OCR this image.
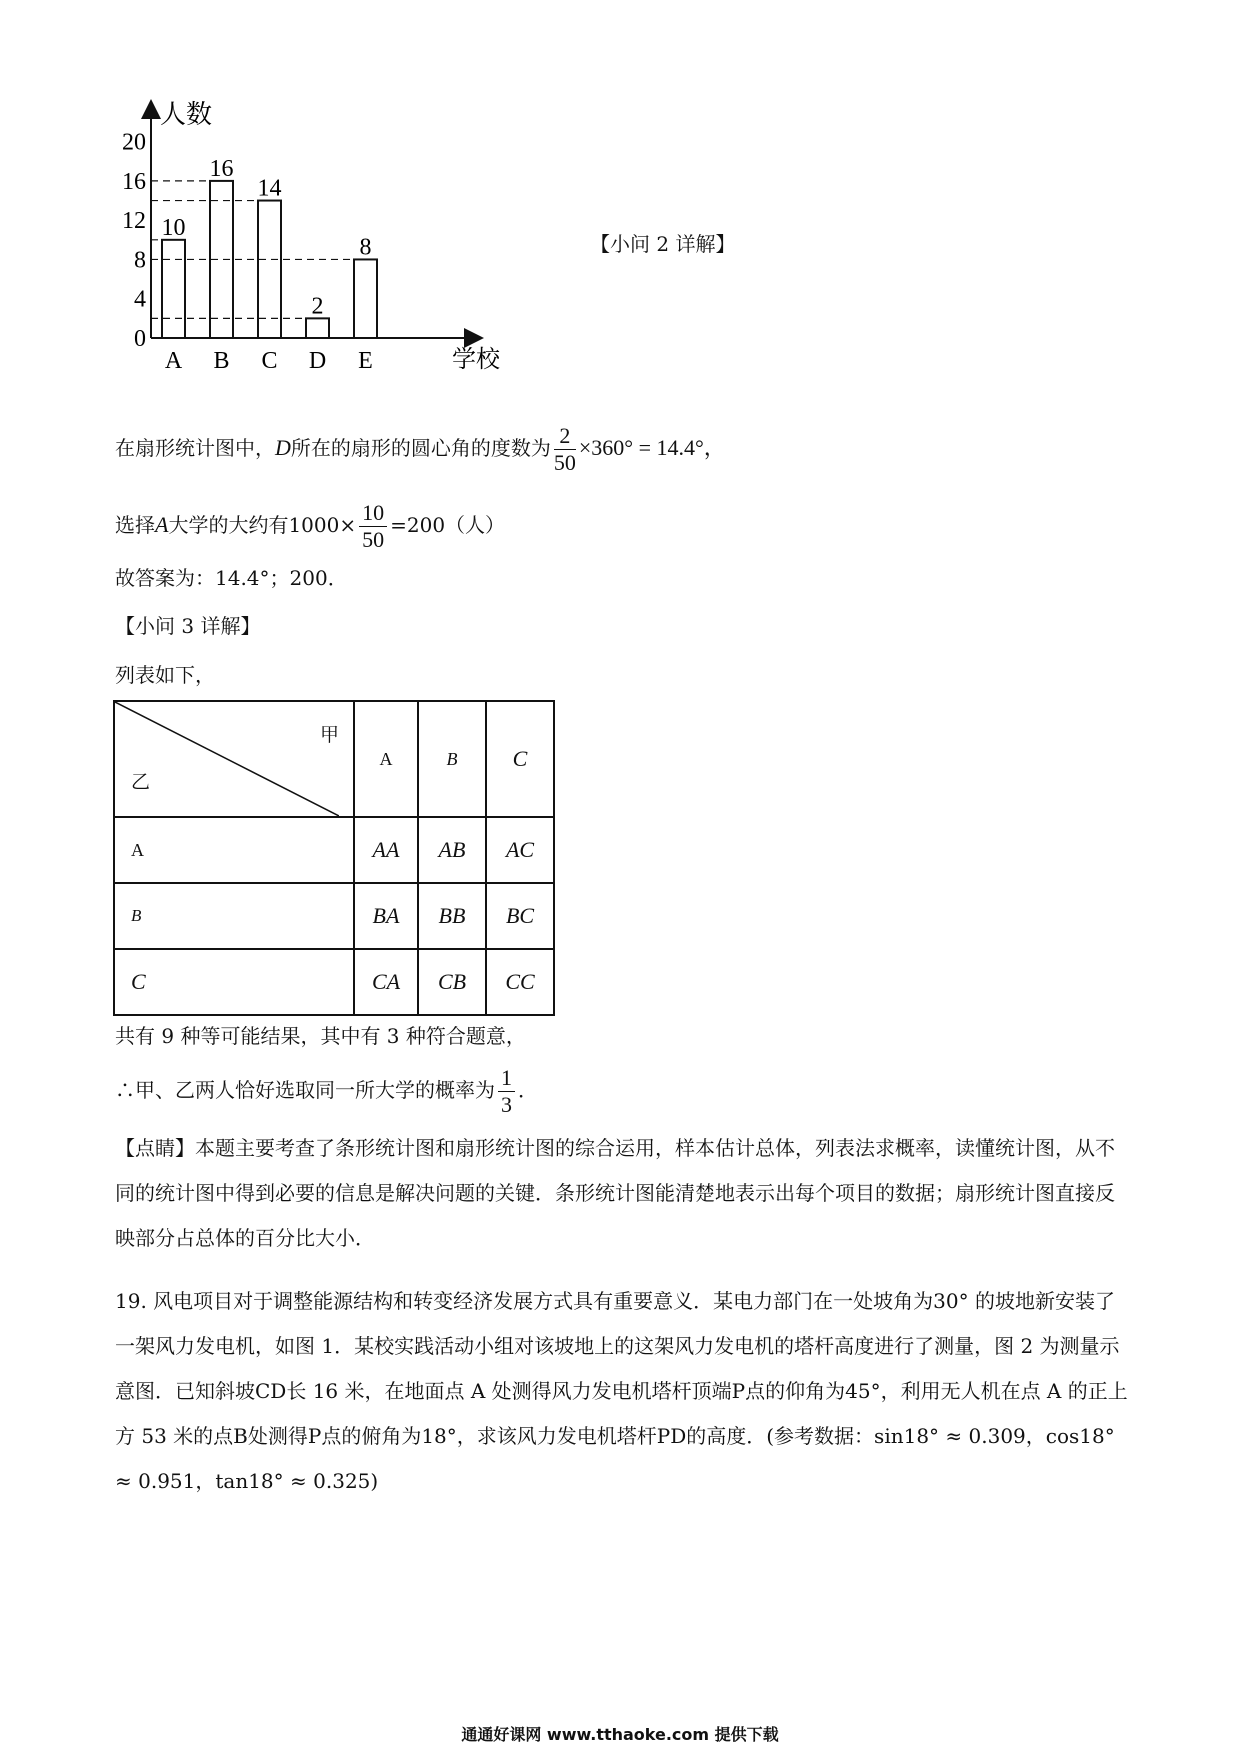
0
4
8
12
16
20
10
A
16
B
14
C
2
D
8
E
人数
学校
【小问 2 详解】
在扇形统计图中，D所在的扇形的圆心角的度数为 $\frac{2}{50} \times 360^\circ = 14.4^\circ$，
选择A大学的大约有$1000\times \frac{10}{50} =200$（人）
故答案为：14.4°；200．
【小问 3 详解】
列表如下，
甲
乙	A	B	C
A	AA	AB	AC
B	BA	BB	BC
C	CA	CB	CC
共有 9 种等可能结果，其中有 3 种符合题意，
∴甲、乙两人恰好选取同一所大学的概率为 $\frac{1}{3}$ ．
【点睛】本题主要考查了条形统计图和扇形统计图的综合运用，样本估计总体，列表法求概率，读懂统计图，从不同的统计图中得到必要的信息是解决问题的关键．条形统计图能清楚地表示出每个项目的数据；扇形统计图直接反映部分占总体的百分比大小．
19. 风电项目对于调整能源结构和转变经济发展方式具有重要意义．某电力部门在一处坡角为30° 的坡地新安装了一架风力发电机，如图 1．某校实践活动小组对该坡地上的这架风力发电机的塔杆高度进行了测量，图 2 为测量示意图．已知斜坡CD长 16 米，在地面点 A 处测得风力发电机塔杆顶端P点的仰角为45°，利用无人机在点 A 的正上方 53 米的点B处测得P点的俯角为18°，求该风力发电机塔杆PD的高度．(参考数据：sin18° ≈ 0.309，cos18° ≈ 0.951，tan18° ≈ 0.325)
通通好课网 www.tthaoke.com 提供下载
